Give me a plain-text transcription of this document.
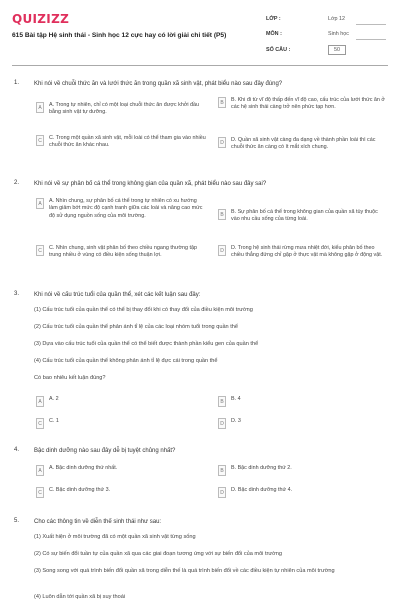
QUIZIZZ
615 Bài tập Hệ sinh thái - Sinh học 12 cực hay có lời giải chi tiết (P5)
LỚP :	Lớp 12
MÔN :	Sinh học
SỐ CÂU :	50
1. Khi nói về chuỗi thức ăn và lưới thức ăn trong quần xã sinh vật, phát biểu nào sau đây đúng?
A	A. Trong tự nhiên, chỉ có một loại chuỗi thức ăn được khởi đầu bằng sinh vật tự dưỡng.
B	B. Khi đi từ vĩ độ thấp đến vĩ độ cao, cấu trúc của lưới thức ăn ở các hệ sinh thái càng trở nên phức tạp hơn.
C	C. Trong một quần xã sinh vật, mỗi loài có thể tham gia vào nhiều chuỗi thức ăn khác nhau.	D	D. Quần xã sinh vật càng đa dạng về thành phần loài thì các chuỗi thức ăn càng có ít mắt xích chung.
2. Khi nói về sự phân bố cá thể trong không gian của quần xã, phát biểu nào sau đây sai?
A	A. Nhìn chung, sự phân bố cá thể trong tự nhiên có xu hướng làm giảm bớt mức độ cạnh tranh giữa các loài và nâng cao mức độ sử dụng nguồn sống của môi trường.	B	B. Sự phân bố cá thể trong không gian của quần xã tùy thuộc vào nhu cầu sống của từng loài.
C	C. Nhìn chung, sinh vật phân bố theo chiều ngang thường tập trung nhiều ở vùng có điều kiện sống thuận lợi.
D	D. Trong hệ sinh thái rừng mưa nhiệt đới, kiểu phân bố theo chiều thẳng đứng chỉ gặp ở thực vật mà không gặp ở động vật.
3. Khi nói về cấu trúc tuổi của quần thể, xét các kết luận sau đây:
(1) Cấu trúc tuổi của quần thể có thể bị thay đổi khi có thay đổi của điều kiện môi trường
(2) Cấu trúc tuổi của quần thể phản ánh tỉ lệ của các loại nhóm tuổi trong quần thể
(3) Dựa vào cấu trúc tuổi của quần thể có thể biết được thành phần kiểu gen của quần thể
(4) Cấu trúc tuổi của quần thể không phản ánh tỉ lệ đực cái trong quần thể
Có bao nhiêu kết luận đúng?
A	A. 2	B	B. 4
C	C. 1	D	D. 3
4. Bậc dinh dưỡng nào sau đây dễ bị tuyệt chủng nhất?
A	A. Bậc dinh dưỡng thứ nhất.	B	B. Bậc dinh dưỡng thứ 2.
C	C. Bậc dinh dưỡng thứ 3.	D	D. Bậc dinh dưỡng thứ 4.
5. Cho các thông tin về diễn thế sinh thái như sau:
(1) Xuất hiện ở môi trường đã có một quần xã sinh vật từng sống
(2) Có sự biến đổi tuần tự của quần xã qua các giai đoạn tương ứng với sự biến đổi của môi trường
(3) Song song với quá trình biến đổi quần xã trong diễn thế là quá trình biến đổi về các điều kiện tự nhiên của môi trường
(4) Luôn dẫn tới quần xã bị suy thoái
